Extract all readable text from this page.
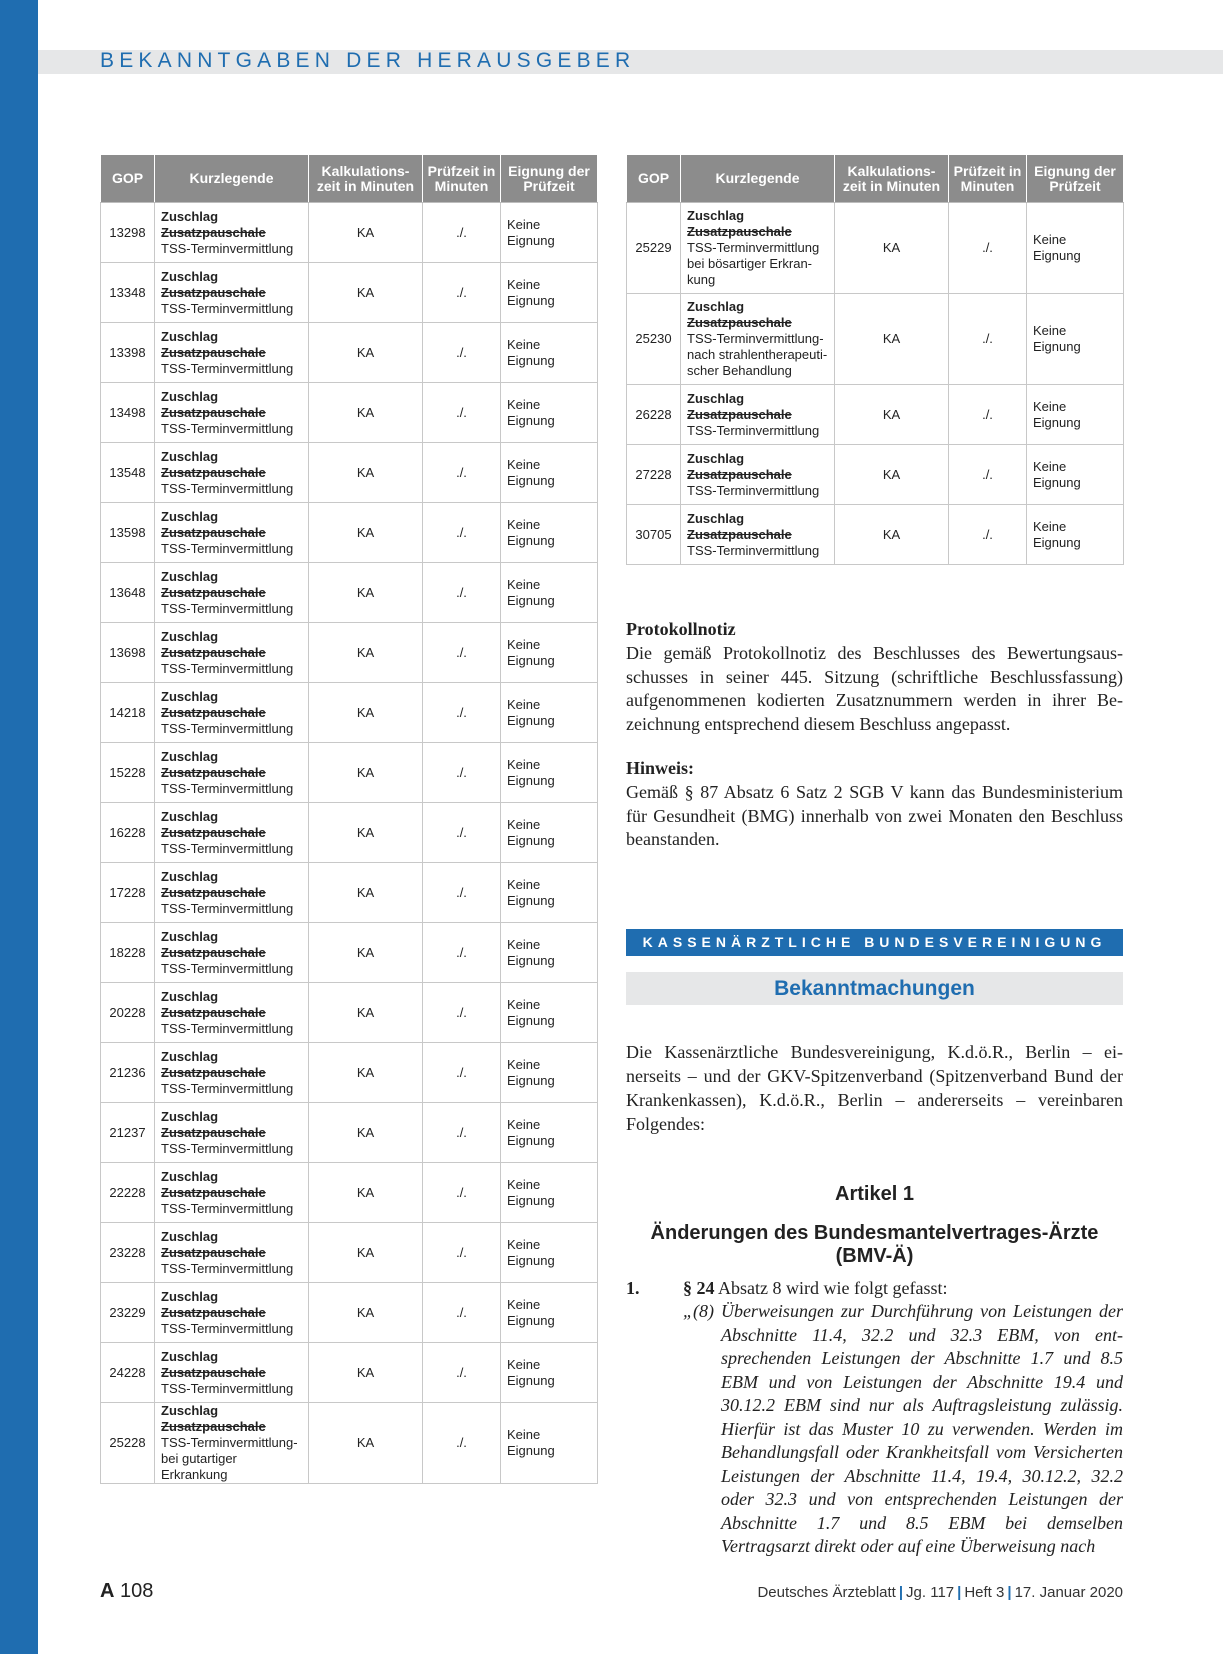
BEKANNTGABEN DER HERAUSGEBER
GOP	Kurzlegende	Kalkulations-
zeit in Minuten	Prüfzeit in
Minuten	Eignung der
Prüfzeit

13298	Zuschlag
Zusatzpauschale
TSS-Terminvermittlung	KA	./.	Keine
Eignung

13348	Zuschlag
Zusatzpauschale
TSS-Terminvermittlung	KA	./.	Keine
Eignung

13398	Zuschlag
Zusatzpauschale
TSS-Terminvermittlung	KA	./.	Keine
Eignung

13498	Zuschlag
Zusatzpauschale
TSS-Terminvermittlung	KA	./.	Keine
Eignung

13548	Zuschlag
Zusatzpauschale
TSS-Terminvermittlung	KA	./.	Keine
Eignung

13598	Zuschlag
Zusatzpauschale
TSS-Terminvermittlung	KA	./.	Keine
Eignung

13648	Zuschlag
Zusatzpauschale
TSS-Terminvermittlung	KA	./.	Keine
Eignung

13698	Zuschlag
Zusatzpauschale
TSS-Terminvermittlung	KA	./.	Keine
Eignung

14218	Zuschlag
Zusatzpauschale
TSS-Terminvermittlung	KA	./.	Keine
Eignung

15228	Zuschlag
Zusatzpauschale
TSS-Terminvermittlung	KA	./.	Keine
Eignung

16228	Zuschlag
Zusatzpauschale
TSS-Terminvermittlung	KA	./.	Keine
Eignung

17228	Zuschlag
Zusatzpauschale
TSS-Terminvermittlung	KA	./.	Keine
Eignung

18228	Zuschlag
Zusatzpauschale
TSS-Terminvermittlung	KA	./.	Keine
Eignung

20228	Zuschlag
Zusatzpauschale
TSS-Terminvermittlung	KA	./.	Keine
Eignung

21236	Zuschlag
Zusatzpauschale
TSS-Terminvermittlung	KA	./.	Keine
Eignung

21237	Zuschlag
Zusatzpauschale
TSS-Terminvermittlung	KA	./.	Keine
Eignung

22228	Zuschlag
Zusatzpauschale
TSS-Terminvermittlung	KA	./.	Keine
Eignung

23228	Zuschlag
Zusatzpauschale
TSS-Terminvermittlung	KA	./.	Keine
Eignung

23229	Zuschlag
Zusatzpauschale
TSS-Terminvermittlung	KA	./.	Keine
Eignung

24228	Zuschlag
Zusatzpauschale
TSS-Terminvermittlung	KA	./.	Keine
Eignung

25228	Zuschlag
Zusatzpauschale
TSS-Terminvermittlung-
bei gutartiger Erkrankung	KA	./.	Keine
Eignung
GOP	Kurzlegende	Kalkulations-
zeit in Minuten	Prüfzeit in
Minuten	Eignung der
Prüfzeit

25229	Zuschlag
Zusatzpauschale
TSS-Terminvermittlung
bei bösartiger Erkran-
kung	KA	./.	Keine
Eignung

25230	Zuschlag
Zusatzpauschale
TSS-Terminvermittlung-
nach strahlentherapeuti-
scher Behandlung	KA	./.	Keine
Eignung

26228	Zuschlag
Zusatzpauschale
TSS-Terminvermittlung	KA	./.	Keine
Eignung

27228	Zuschlag
Zusatzpauschale
TSS-Terminvermittlung	KA	./.	Keine
Eignung

30705	Zuschlag
Zusatzpauschale
TSS-Terminvermittlung	KA	./.	Keine
Eignung
Protokollnotiz
Die gemäß Protokollnotiz des Beschlusses des Bewertungsausschusses in seiner 445. Sitzung (schriftliche Beschlussfassung) aufgenommenen kodierten Zusatznummern werden in ihrer Bezeichnung entsprechend diesem Beschluss angepasst.
Hinweis:
Gemäß § 87 Absatz 6 Satz 2 SGB V kann das Bundesministerium für Gesundheit (BMG) innerhalb von zwei Monaten den Beschluss beanstanden.
KASSENÄRZTLICHE BUNDESVEREINIGUNG
Bekanntmachungen
Die Kassenärztliche Bundesvereinigung, K.d.ö.R., Berlin – einerseits – und der GKV-Spitzenverband (Spitzenverband Bund der Krankenkassen), K.d.ö.R., Berlin – andererseits – vereinbaren Folgendes:
Artikel 1
Änderungen des Bundesmantelvertrages-Ärzte (BMV-Ä)
1. § 24 Absatz 8 wird wie folgt gefasst:
„(8) Überweisungen zur Durchführung von Leistungen der Abschnitte 11.4, 32.2 und 32.3 EBM, von entsprechenden Leistungen der Abschnitte 1.7 und 8.5 EBM und von Leistungen der Abschnitte 19.4 und 30.12.2 EBM sind nur als Auftragsleistung zulässig. Hierfür ist das Muster 10 zu verwenden. Werden im Behandlungsfall oder Krankheitsfall vom Versicherten Leistungen der Abschnitte 11.4, 19.4, 30.12.2, 32.2 oder 32.3 und von entsprechenden Leistungen der Abschnitte 1.7 und 8.5 EBM bei demselben Vertragsarzt direkt oder auf eine Überweisung nach
A 108	Deutsches Ärzteblatt | Jg. 117 | Heft 3 | 17. Januar 2020
